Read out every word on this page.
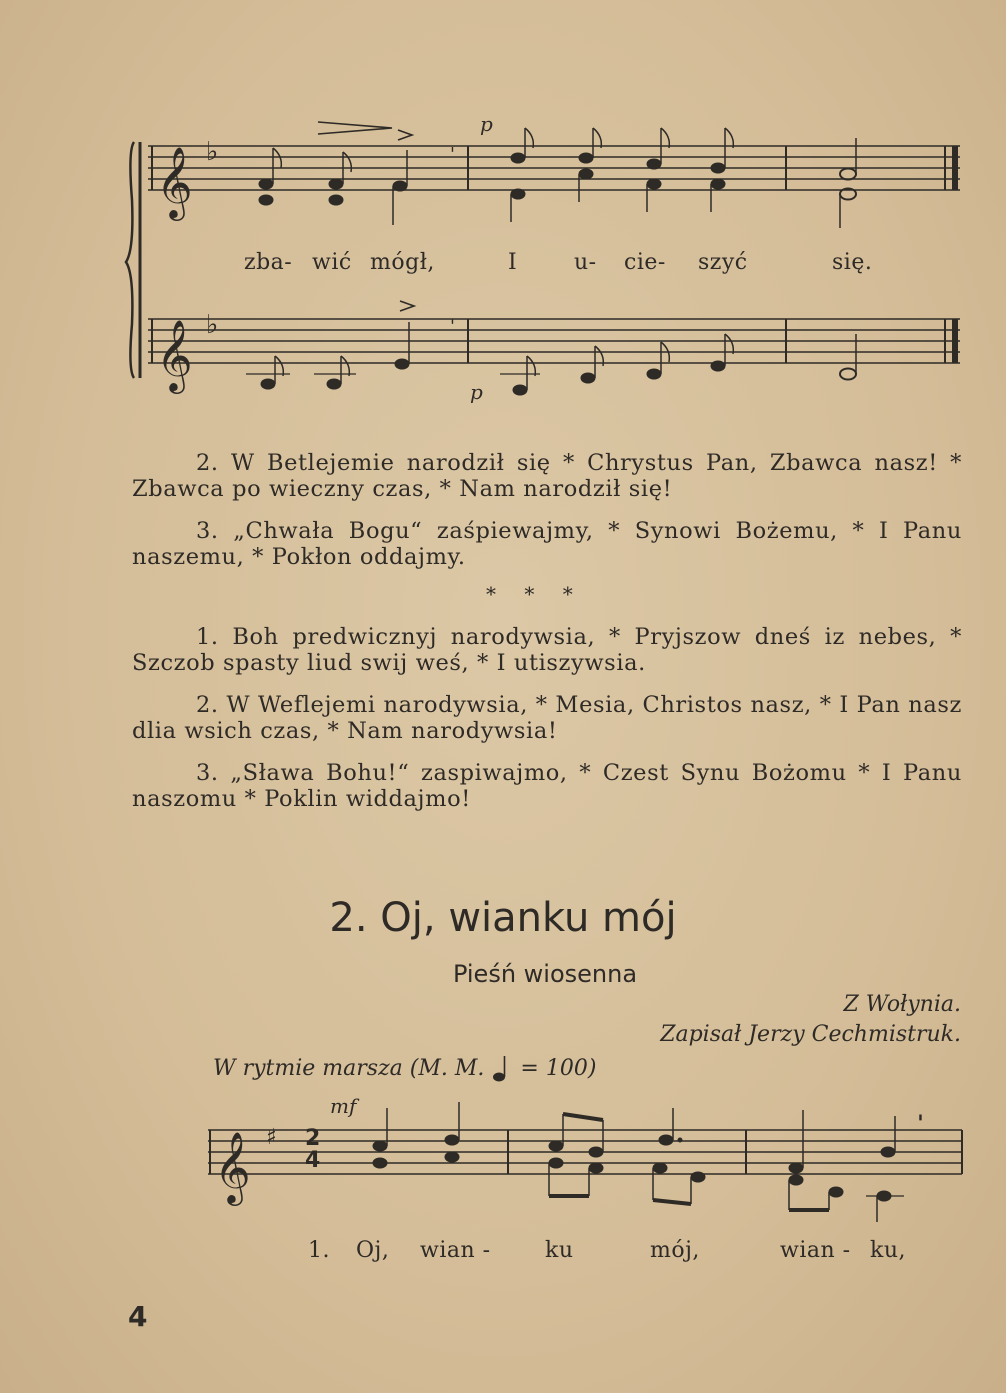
𝄞
𝄞
♭
♭
'
'
p
p
zba- wić mógł,	I	u- cie- szyć	się.
2. W Betlejemie narodził się * Chrystus Pan, Zbawca nasz! * Zbawca po wieczny czas, * Nam narodził się!
3. „Chwała Bogu“ zaśpiewajmy, * Synowi Bożemu, * I Panu naszemu, * Pokłon oddajmy.
* * *
1. Boh predwicznyj narodywsia, * Pryjszow dneś iz nebes, * Szczob spasty liud swij weś, * I utiszywsia.
2. W Weflejemi narodywsia, * Mesia, Christos nasz, * I Pan nasz dlia wsich czas, * Nam narodywsia!
3. „Sława Bohu!“ zaspiwajmo, * Czest Synu Bożomu * I Panu naszomu * Poklin widdajmo!
2. Oj, wianku mój
Pieśń wiosenna
Z Wołynia.
Zapisał Jerzy Cechmistruk.
W rytmie marsza (M. M. = 100)
'
𝄞 ♯ 2
4
mf
1. Oj, wian - ku	mój,	wian - ku,
4
